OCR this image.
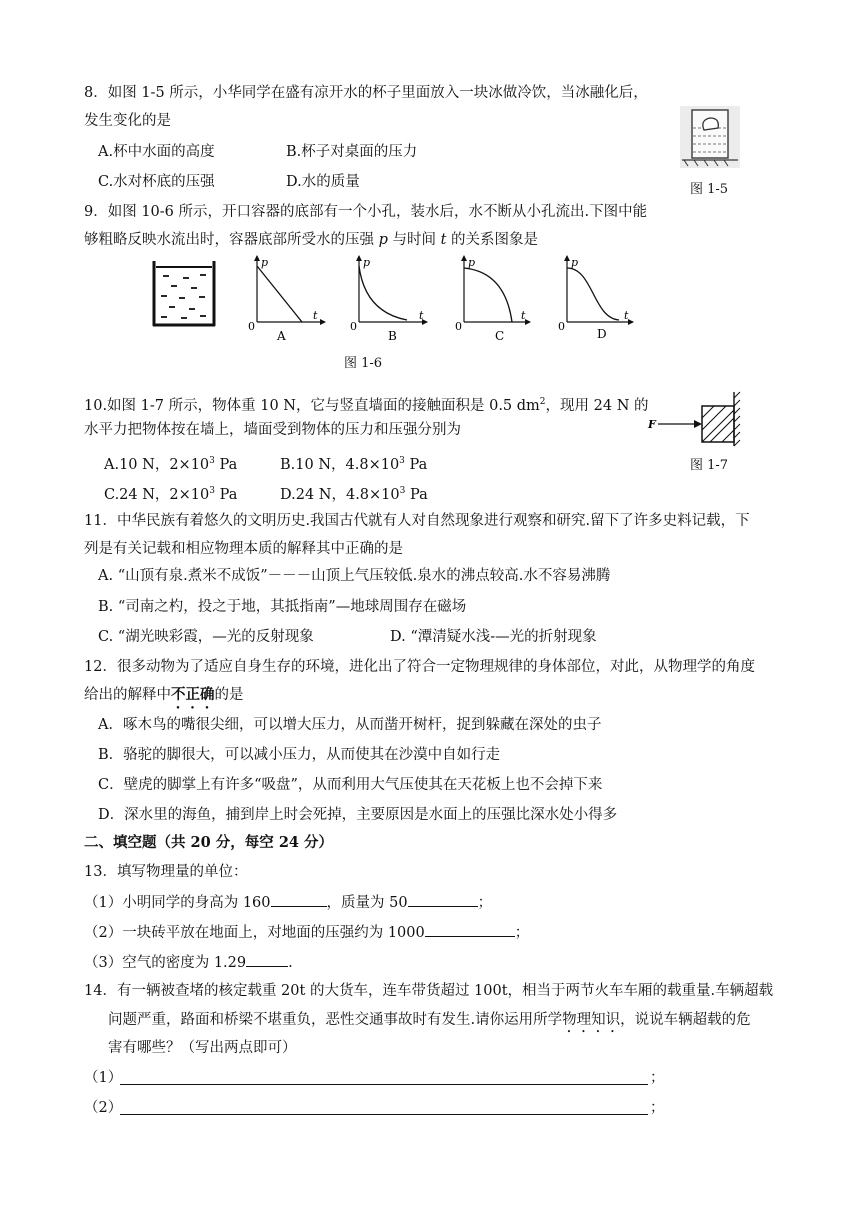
8．如图 1-5 所示，小华同学在盛有凉开水的杯子里面放入一块冰做冷饮，当冰融化后，
发生变化的是
A.杯中水面的高度	B.杯子对桌面的压力
C.水对杯底的压强	D.水的质量	图 1-5
9．如图 10-6 所示，开口容器的底部有一个小孔，装水后，水不断从小孔流出.下图中能
够粗略反映水流出时，容器底部所受水的压强 p 与时间 t 的关系图象是
p
t
0
A
p
t
0
B
p
t
0
C
p
t
0
D
图 1-6
10.如图 1-7 所示，物体重 10 N，它与竖直墙面的接触面积是 0.5 $dm^2$，现用 24 N 的
水平力把物体按在墙上，墙面受到物体的压力和压强分别为
A.10 N，$2\times 10^3$ Pa	B.10 N，$4.8\times 10^3$ Pa
C.24 N，$2\times 10^3$ Pa	D.24 N，$4.8\times 10^3$ Pa
F
图 1-7
11．中华民族有着悠久的文明历史.我国古代就有人对自然现象进行观察和研究.留下了许多史料记载，下
列是有关记载和相应物理本质的解释其中正确的是
A. “山顶有泉.煮米不成饭”－－－山顶上气压较低.泉水的沸点较高.水不容易沸腾
B. “司南之杓，投之于地，其抵指南”—地球周围存在磁场
C. “湖光映彩霞，—光的反射现象	D. “潭清疑水浅-—光的折射现象
12．很多动物为了适应自身生存的环境，进化出了符合一定物理规律的身体部位，对此，从物理学的角度
给出的解释中不正确的是
A．啄木鸟的嘴很尖细，可以增大压力，从而凿开树杆，捉到躲藏在深处的虫子
B．骆驼的脚很大，可以减小压力，从而使其在沙漠中自如行走
C．壁虎的脚掌上有许多“吸盘”，从而利用大气压使其在天花板上也不会掉下来
D．深水里的海鱼，捕到岸上时会死掉，主要原因是水面上的压强比深水处小得多
二、填空题（共 20 分，每空 24 分）
13．填写物理量的单位：
（1）小明同学的身高为 160	，质量为 50	；
（2）一块砖平放在地面上，对地面的压强约为 1000	；
（3）空气的密度为 1.29	.
14．有一辆被查堵的核定载重 20t 的大货车，连车带货超过 100t，相当于两节火车车厢的载重量.车辆超载
问题严重，路面和桥梁不堪重负，恶性交通事故时有发生.请你运用所学物理知识，说说车辆超载的危
害有哪些？（写出两点即可）
（1）	；
（2）	；
